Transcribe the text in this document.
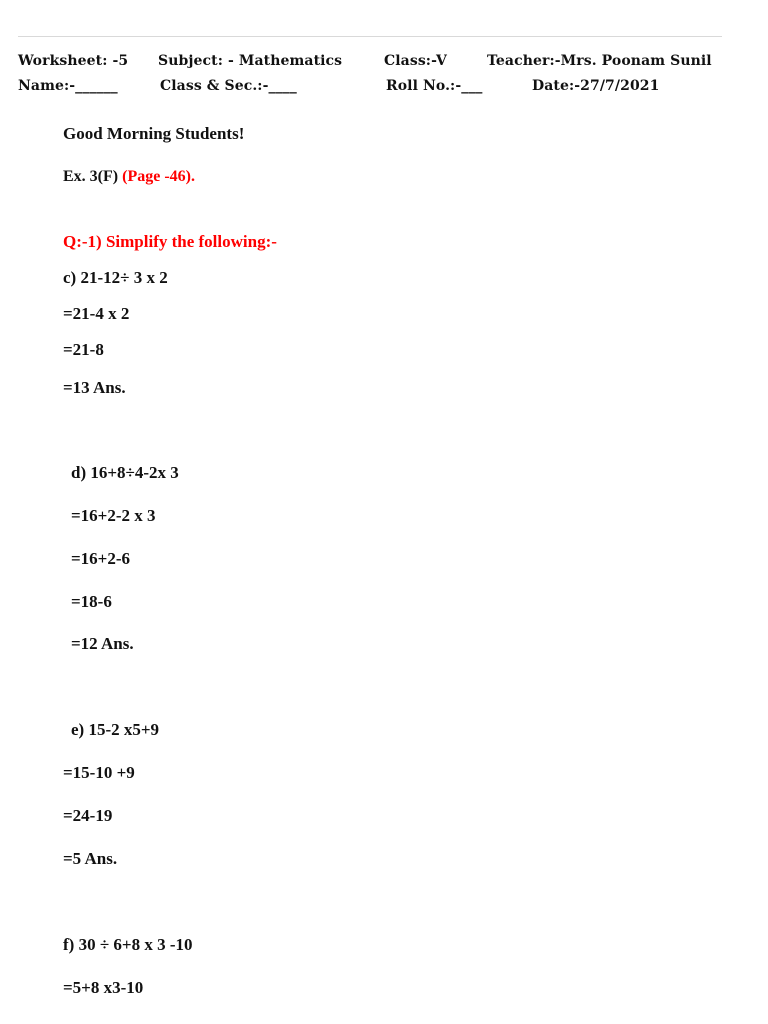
Worksheet: -5 Subject: - Mathematics	Class:-V	Teacher:-Mrs. Poonam Sunil
Name:-______	Class & Sec.:-____	Roll No.:-___	Date:-27/7/2021
Good Morning Students!
Ex. 3(F) (Page -46).
Q:-1) Simplify the following:-
c) 21-12÷ 3 x 2
=21-4 x 2
=21-8
=13 Ans.
d) 16+8÷4-2x 3
=16+2-2 x 3
=16+2-6
=18-6
=12 Ans.
e) 15-2 x5+9
=15-10 +9
=24-19
=5 Ans.
f) 30 ÷ 6+8 x 3 -10
=5+8 x3-10
